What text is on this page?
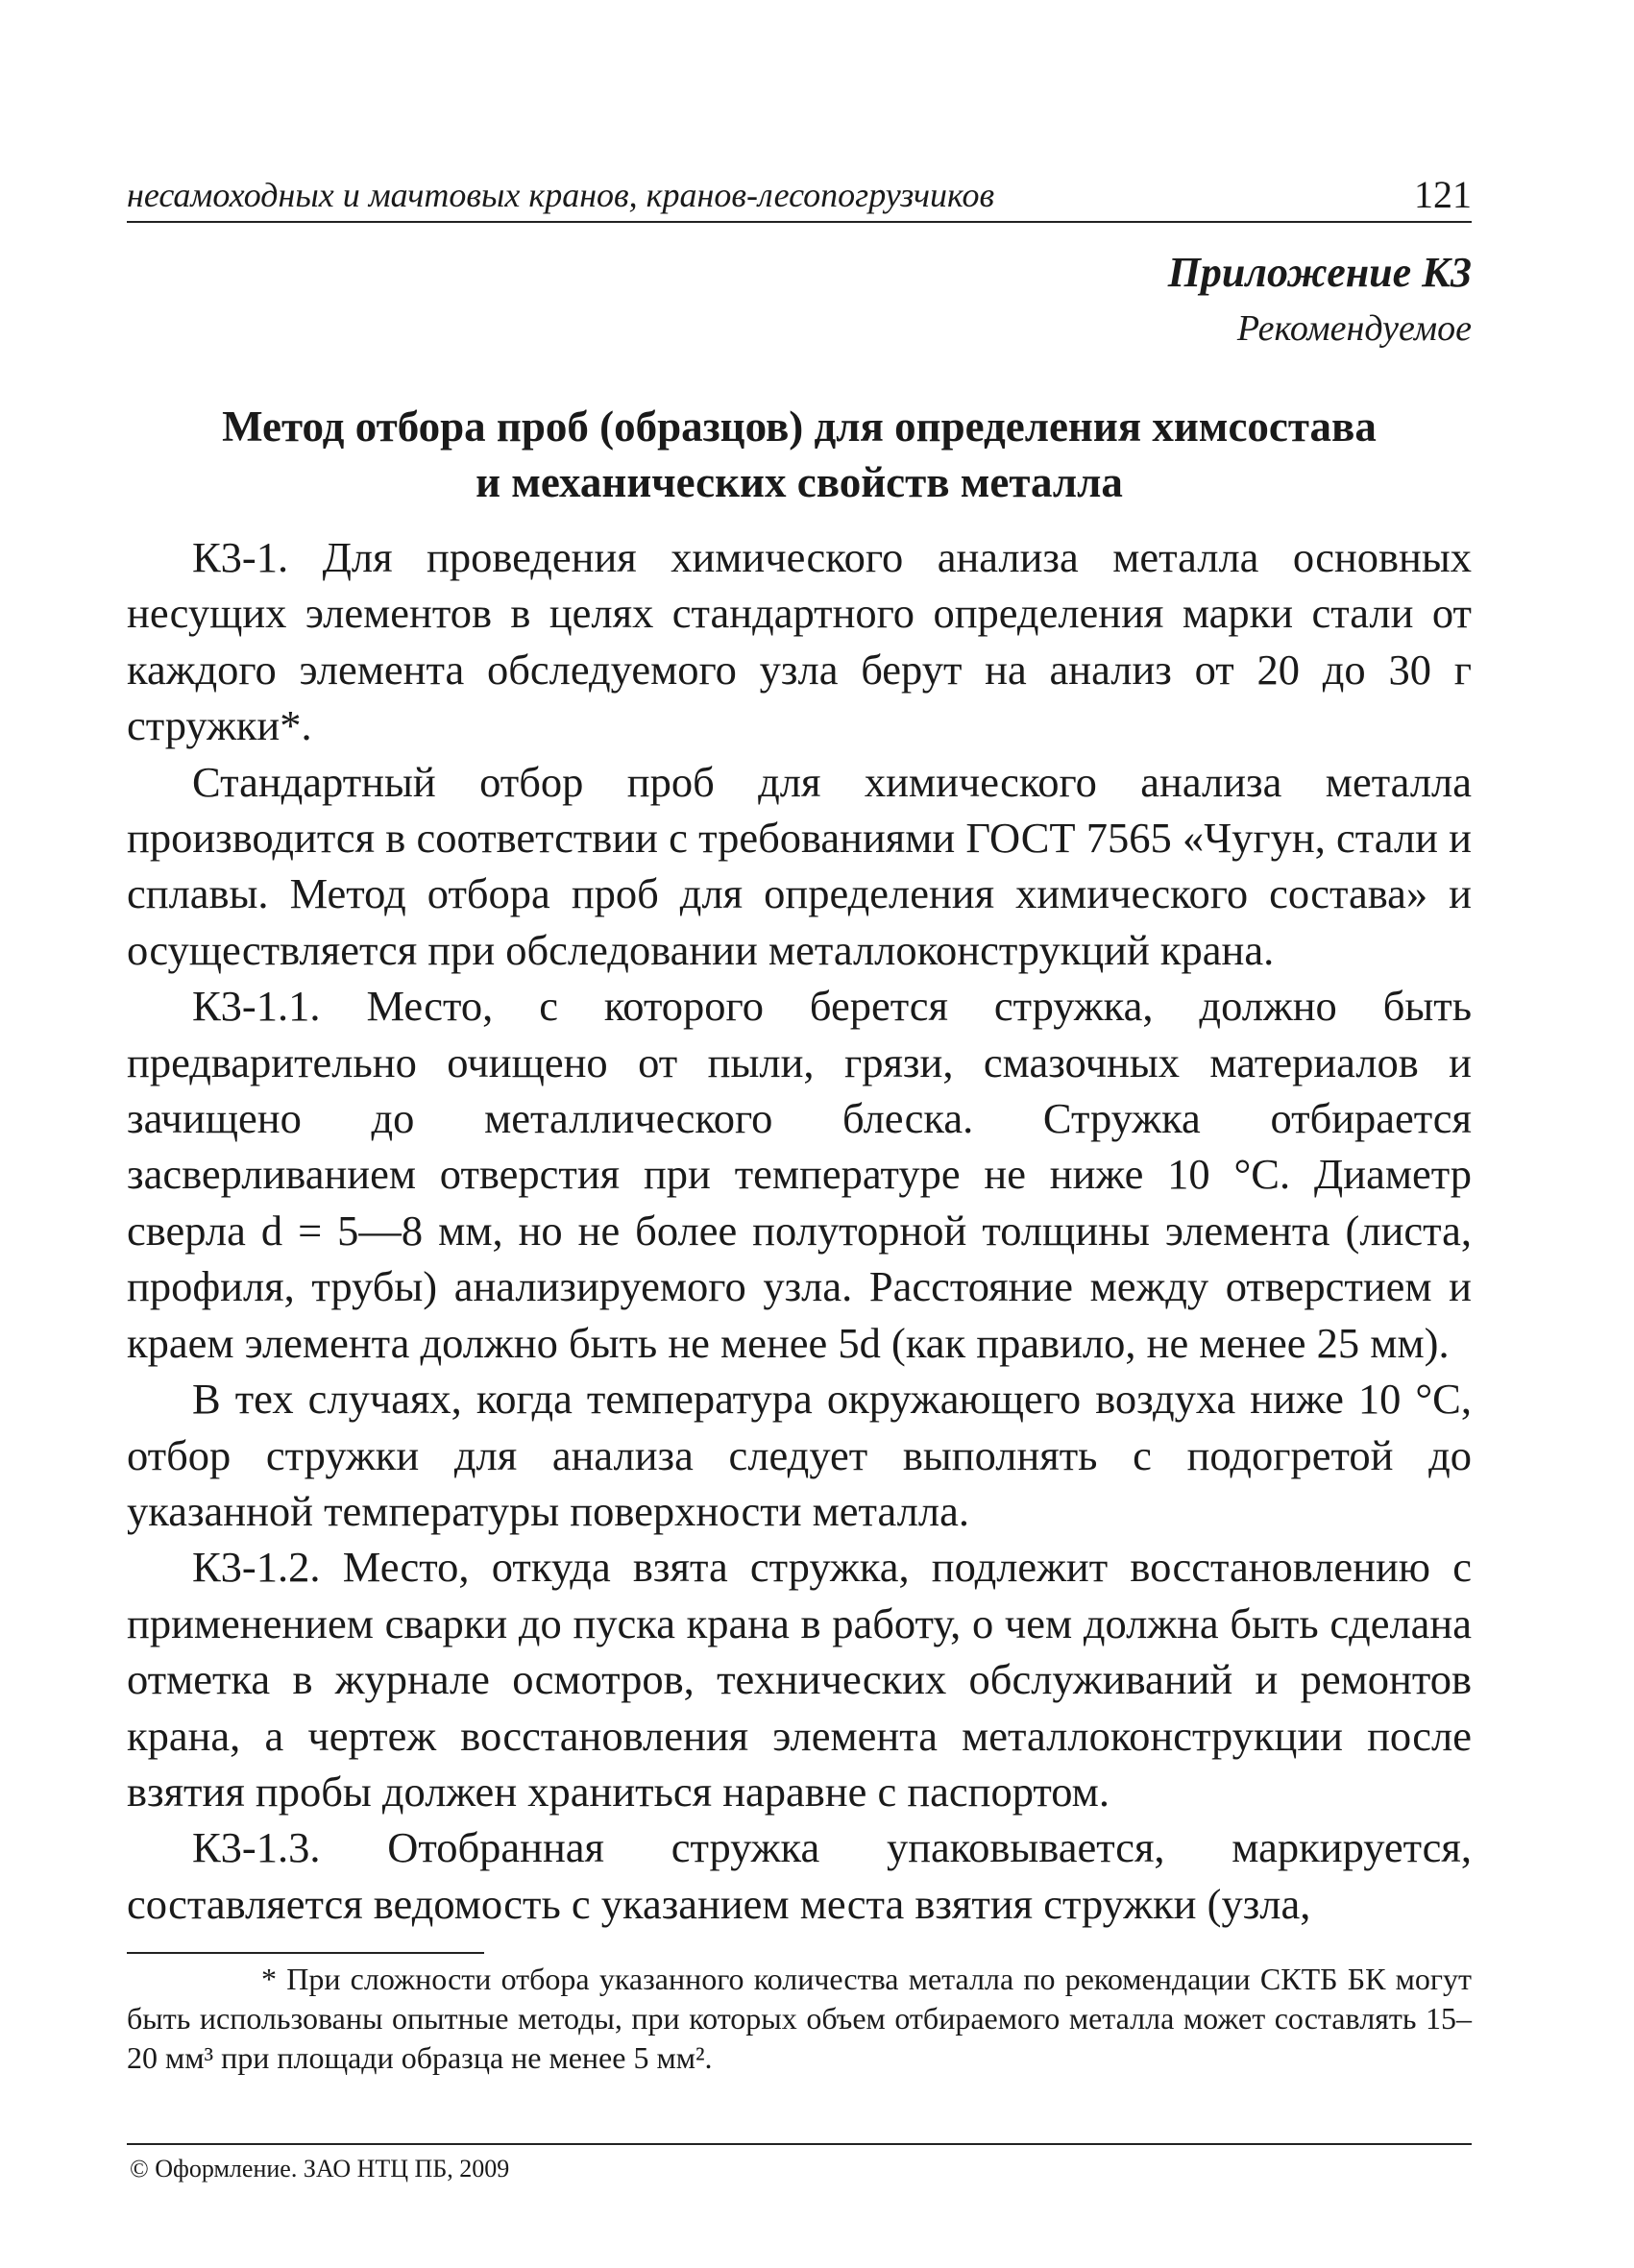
несамоходных и мачтовых кранов, кранов-лесопогрузчиков	121
Приложение К3
Рекомендуемое
Метод отбора проб (образцов) для определения химсостава
и механических свойств металла

К3-1. Для проведения химического анализа металла основных несущих элементов в целях стандартного определения марки стали от каждого элемента обследуемого узла берут на анализ от 20 до 30 г стружки*.

Стандартный отбор проб для химического анализа металла производится в соответствии с требованиями ГОСТ 7565 «Чугун, стали и сплавы. Метод отбора проб для определения химического состава» и осуществляется при обследовании металлоконструкций крана.

К3-1.1. Место, с которого берется стружка, должно быть предварительно очищено от пыли, грязи, смазочных материалов и зачищено до металлического блеска. Стружка отбирается засверливанием отверстия при температуре не ниже 10 °С. Диаметр сверла d = 5—8 мм, но не более полуторной толщины элемента (листа, профиля, трубы) анализируемого узла. Расстояние между отверстием и краем элемента должно быть не менее 5d (как правило, не менее 25 мм).

В тех случаях, когда температура окружающего воздуха ниже 10 °С, отбор стружки для анализа следует выполнять с подогретой до указанной температуры поверхности металла.

К3-1.2. Место, откуда взята стружка, подлежит восстановлению с применением сварки до пуска крана в работу, о чем должна быть сделана отметка в журнале осмотров, технических обслуживаний и ремонтов крана, а чертеж восстановления элемента металлоконструкции после взятия пробы должен храниться наравне с паспортом.

К3-1.3. Отобранная стружка упаковывается, маркируется, составляется ведомость с указанием места взятия стружки (узла,

* При сложности отбора указанного количества металла по рекомендации СКТБ БК могут быть использованы опытные методы, при которых объем отбираемого металла может составлять 15–20 мм³ при площади образца не менее 5 мм².
© Оформление. ЗАО НТЦ ПБ, 2009
